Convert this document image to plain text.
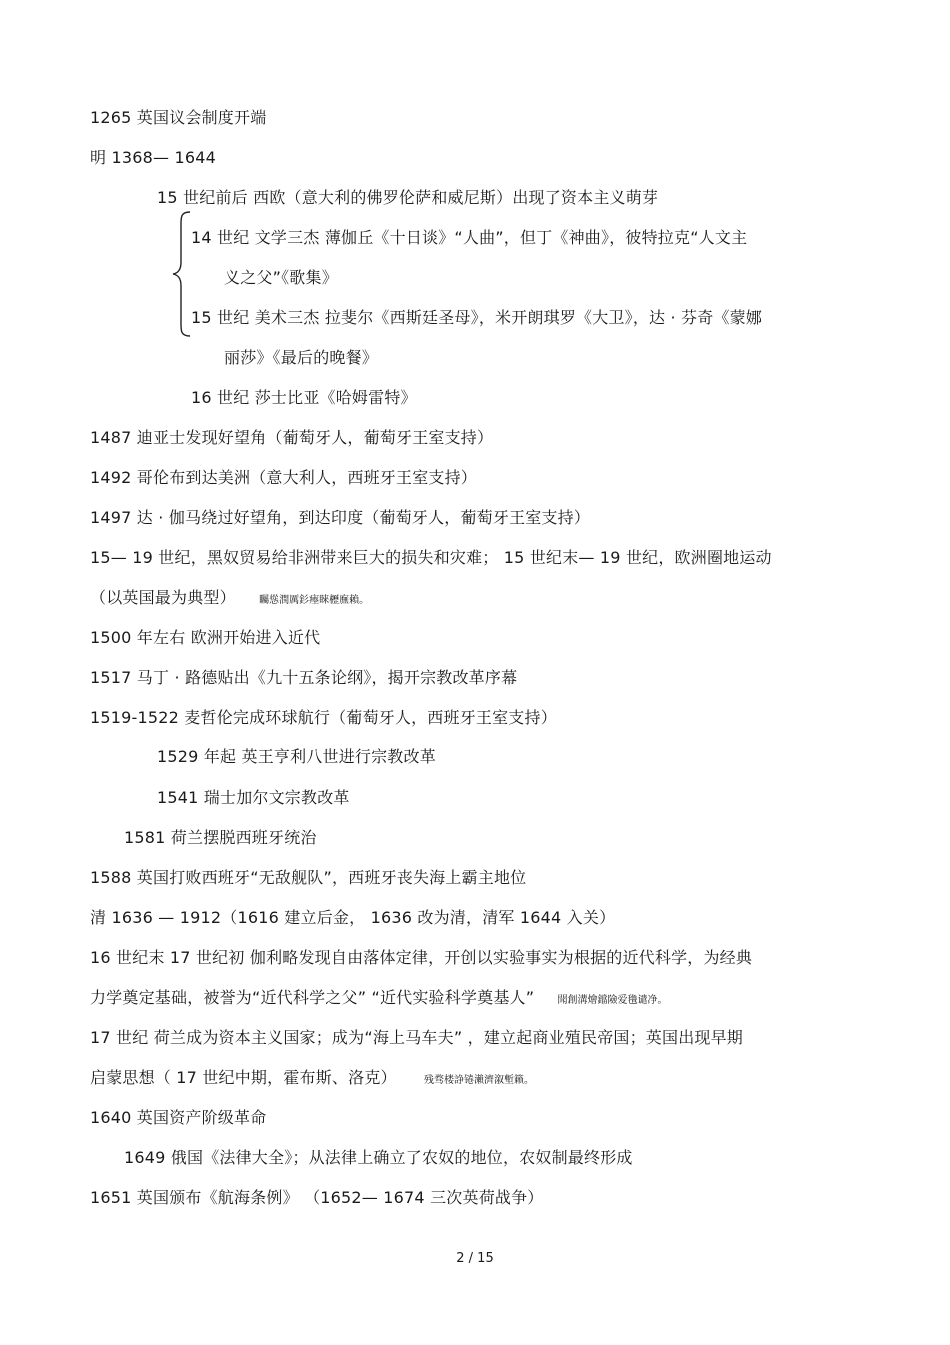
1265 英国议会制度开端
明 1368— 1644
15 世纪前后 西欧（意大利的佛罗伦萨和威尼斯）出现了资本主义萌芽
14 世纪 文学三杰 薄伽丘《十日谈》“人曲”，但丁《神曲》，彼特拉克“人文主
义之父”《歌集》
15 世纪 美术三杰 拉斐尔《西斯廷圣母》，米开朗琪罗《大卫》，达 · 芬奇《蒙娜
丽莎》《最后的晚餐》
16 世纪 莎士比亚《哈姆雷特》
1487 迪亚士发现好望角（葡萄牙人，葡萄牙王室支持）
1492 哥伦布到达美洲（意大利人，西班牙王室支持）
1497 达 · 伽马绕过好望角，到达印度（葡萄牙人，葡萄牙王室支持）
15— 19 世纪，黑奴贸易给非洲带来巨大的损失和灾难； 15 世纪末— 19 世纪，欧洲圈地运动
（以英国最为典型） 矚慫潤厲釤瘞睞櫪廡賴。
1500 年左右 欧洲开始进入近代
1517 马丁 · 路德贴出《九十五条论纲》，揭开宗教改革序幕
1519-1522 麦哲伦完成环球航行（葡萄牙人，西班牙王室支持）
1529 年起 英王亨利八世进行宗教改革
1541 瑞士加尔文宗教改革
1581 荷兰摆脱西班牙统治
1588 英国打败西班牙“无敌舰队”，西班牙丧失海上霸主地位
清 1636 — 1912（1616 建立后金， 1636 改为清，清军 1644 入关）
16 世纪末 17 世纪初 伽利略发现自由落体定律，开创以实验事实为根据的近代科学，为经典
力学奠定基础，被誉为“近代科学之父” “近代实验科学奠基人” 聞創溝燴鐺險爱氇谴净。
17 世纪 荷兰成为资本主义国家；成为“海上马车夫” ，建立起商业殖民帝国；英国出现早期
启蒙思想（ 17 世纪中期，霍布斯、洛克）	残骛楼諍锩瀨濟溆塹籟。
1640 英国资产阶级革命
1649 俄国《法律大全》；从法律上确立了农奴的地位，农奴制最终形成
1651 英国颁布《航海条例》 （1652— 1674 三次英荷战争）
2 / 15
